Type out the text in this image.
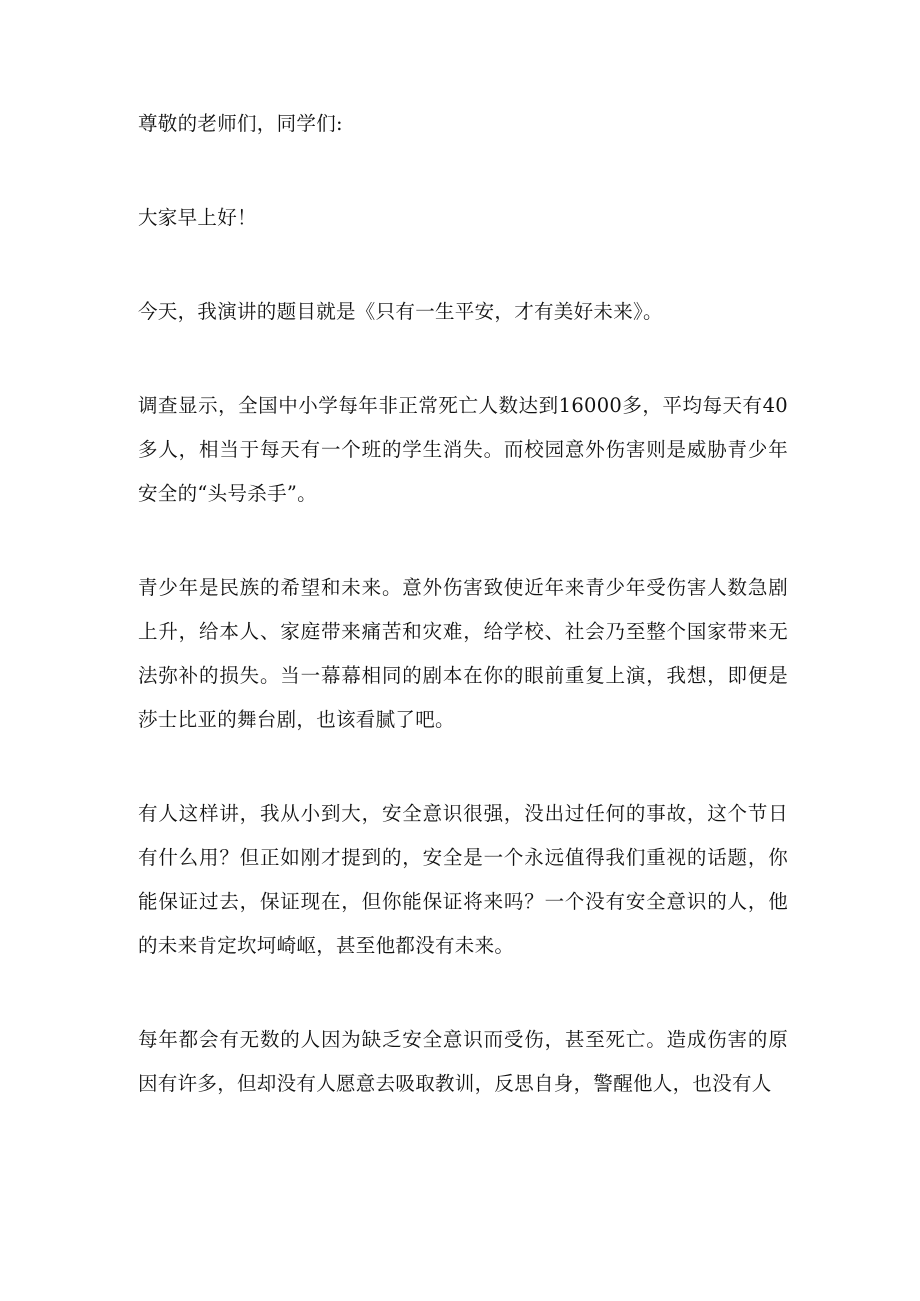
尊敬的老师们，同学们:

大家早上好！

今天，我演讲的题目就是《只有一生平安，才有美好未来》。

调查显示，全国中小学每年非正常死亡人数达到16000多，平均每天有40多人，相当于每天有一个班的学生消失。而校园意外伤害则是威胁青少年安全的“头号杀手”。

青少年是民族的希望和未来。意外伤害致使近年来青少年受伤害人数急剧上升，给本人、家庭带来痛苦和灾难，给学校、社会乃至整个国家带来无法弥补的损失。当一幕幕相同的剧本在你的眼前重复上演，我想，即便是莎士比亚的舞台剧，也该看腻了吧。

有人这样讲，我从小到大，安全意识很强，没出过任何的事故，这个节日有什么用？但正如刚才提到的，安全是一个永远值得我们重视的话题，你能保证过去，保证现在，但你能保证将来吗？一个没有安全意识的人，他的未来肯定坎坷崎岖，甚至他都没有未来。

每年都会有无数的人因为缺乏安全意识而受伤，甚至死亡。造成伤害的原因有许多，但却没有人愿意去吸取教训，反思自身，警醒他人，也没有人
